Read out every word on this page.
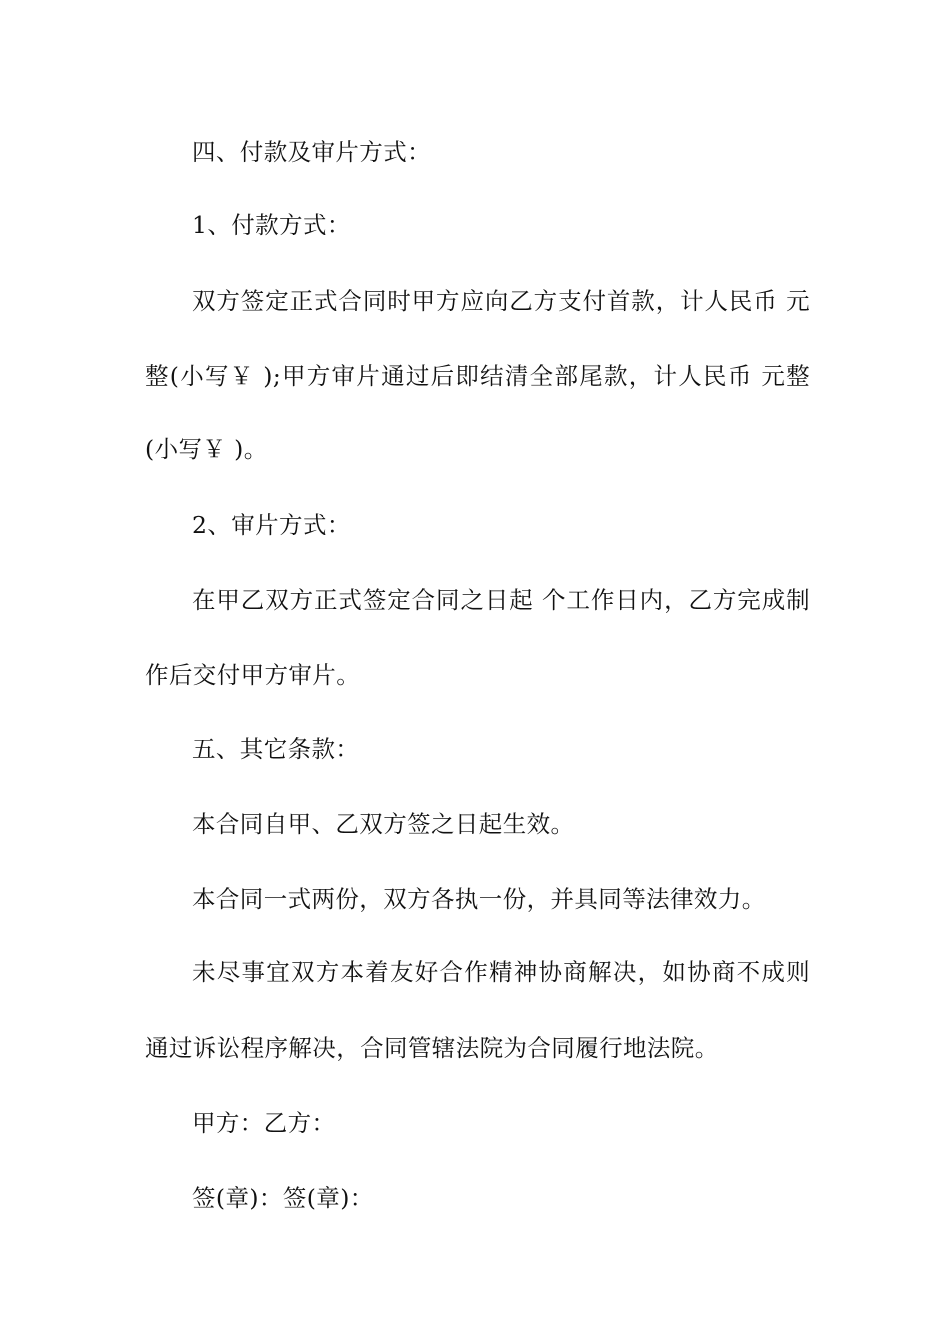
四、付款及审片方式：
1、付款方式：
双方签定正式合同时甲方应向乙方支付首款，计人民币 元
整(小写￥ );甲方审片通过后即结清全部尾款，计人民币 元整
(小写￥ )。
2、审片方式：
在甲乙双方正式签定合同之日起 个工作日内，乙方完成制
作后交付甲方审片。
五、其它条款：
本合同自甲、乙双方签之日起生效。
本合同一式两份，双方各执一份，并具同等法律效力。
未尽事宜双方本着友好合作精神协商解决，如协商不成则
通过诉讼程序解决，合同管辖法院为合同履行地法院。
甲方：乙方：
签(章)：签(章)：
